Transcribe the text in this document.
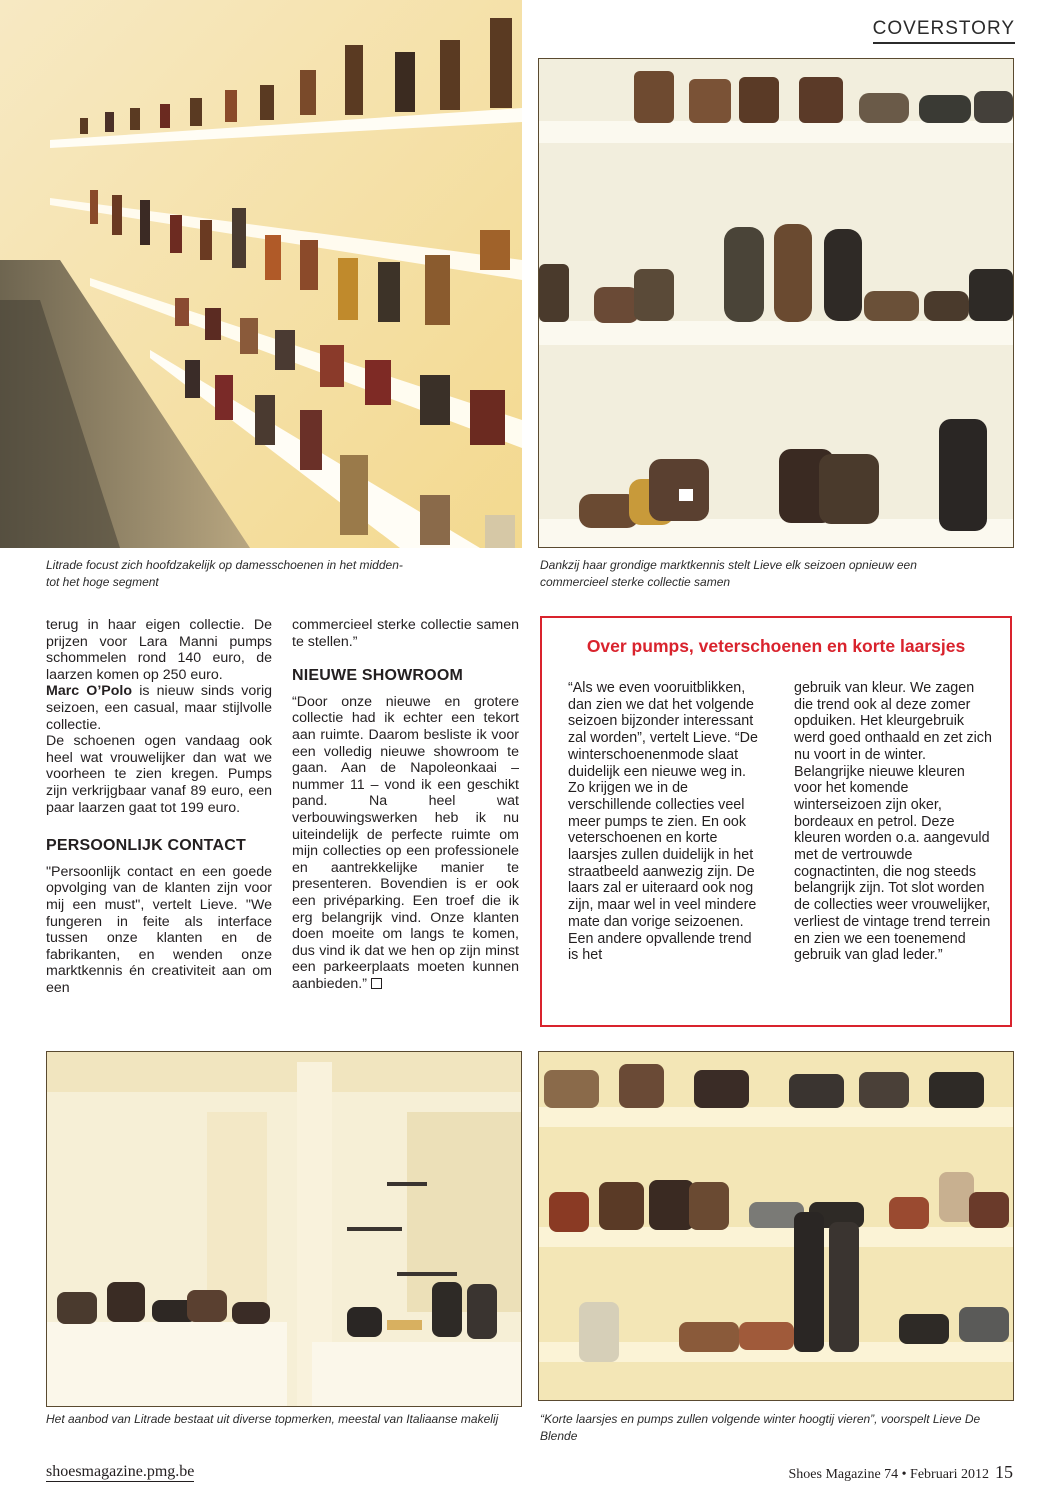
COVERSTORY
Litrade focust zich hoofdzakelijk op damesschoenen in het midden- tot het hoge segment
Dankzij haar grondige marktkennis stelt Lieve elk seizoen opnieuw een commercieel sterke collectie samen

terug in haar eigen collectie. De prijzen voor Lara Manni pumps schommelen rond 140 euro, de laarzen komen op 250 euro.

Marc O’Polo is nieuw sinds vorig seizoen, een casual, maar stijlvolle collectie.

De schoenen ogen vandaag ook heel wat vrouwelijker dan wat we voorheen te zien kregen. Pumps zijn verkrijgbaar vanaf 89 euro, een paar laarzen gaat tot 199 euro.

PERSOONLIJK CONTACT

"Persoonlijk contact en een goede opvolging van de klanten zijn voor mij een must", vertelt Lieve. "We fungeren in feite als interface tussen onze klanten en de fabrikanten, en wenden onze marktkennis én creativiteit aan om een

commercieel sterke collectie samen te stellen.”

NIEUWE SHOWROOM

“Door onze nieuwe en grotere collectie had ik echter een tekort aan ruimte. Daarom besliste ik voor een volledig nieuwe showroom te gaan. Aan de Napoleonkaai – nummer 11 – vond ik een geschikt pand. Na heel wat verbouwingswerken heb ik nu uiteindelijk de perfecte ruimte om mijn collecties op een professionele en aantrekkelijke manier te presenteren. Bovendien is er ook een privéparking. Een troef die ik erg belangrijk vind. Onze klanten doen moeite om langs te komen, dus vind ik dat we hen op zijn minst een parkeerplaats moeten kunnen aanbieden.”

Over pumps, veterschoenen en korte laarsjes
“Als we even vooruitblikken, dan zien we dat het volgende seizoen bijzonder interessant zal worden”, vertelt Lieve. “De winterschoenenmode slaat duidelijk een nieuwe weg in. Zo krijgen we in de verschillende collecties veel meer pumps te zien. En ook veterschoenen en korte laarsjes zullen duidelijk in het straatbeeld aanwezig zijn. De laars zal er uiteraard ook nog zijn, maar wel in veel mindere mate dan vorige seizoenen. Een andere opvallende trend is het
gebruik van kleur. We zagen die trend ook al deze zomer opduiken. Het kleurgebruik werd goed onthaald en zet zich nu voort in de winter. Belangrijke nieuwe kleuren voor het komende winterseizoen zijn oker, bordeaux en petrol. Deze kleuren worden o.a. aangevuld met de vertrouwde cognactinten, die nog steeds belangrijk zijn. Tot slot worden de collecties weer vrouwelijker, verliest de vintage trend terrein en zien we een toenemend gebruik van glad leder.”
Het aanbod van Litrade bestaat uit diverse topmerken, meestal van Italiaanse makelij	“Korte laarsjes en pumps zullen volgende winter hoogtij vieren”, voorspelt Lieve De Blende
shoesmagazine.pmg.be	Shoes Magazine 74 • Februari 2012 15
